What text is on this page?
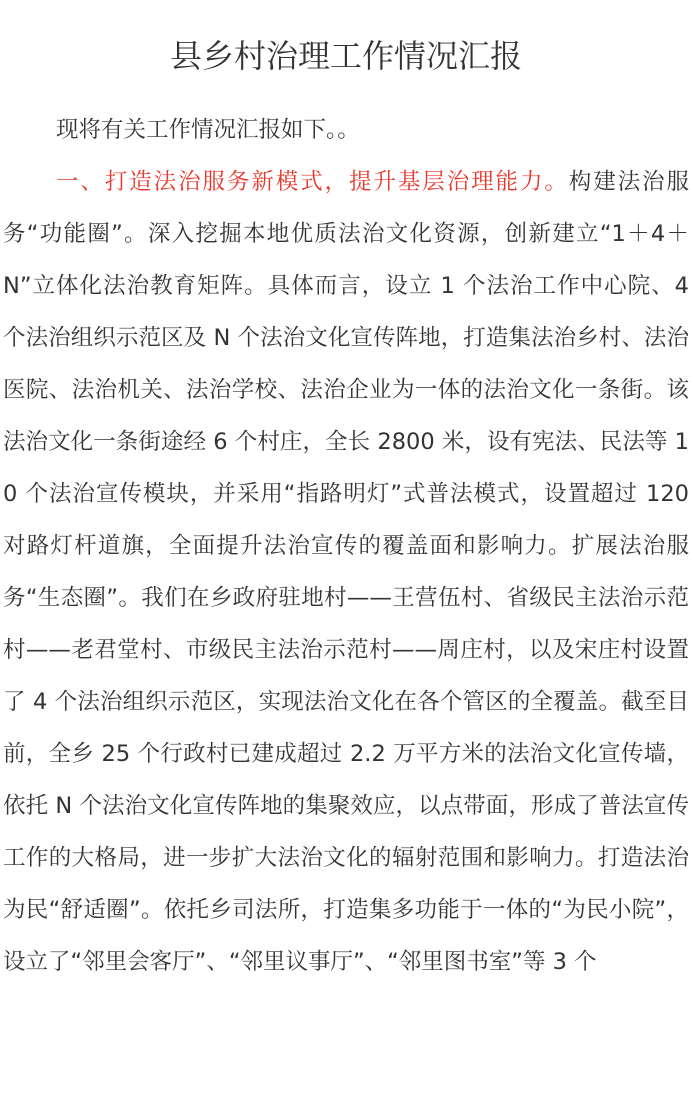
县乡村治理工作情况汇报

现将有关工作情况汇报如下。。

一、打造法治服务新模式，提升基层治理能力。构建法治服务“功能圈”。深入挖掘本地优质法治文化资源，创新建立“1＋4＋N”立体化法治教育矩阵。具体而言，设立 1 个法治工作中心院、4 个法治组织示范区及 N 个法治文化宣传阵地，打造集法治乡村、法治医院、法治机关、法治学校、法治企业为一体的法治文化一条街。该法治文化一条街途经 6 个村庄，全长 2800 米，设有宪法、民法等 10 个法治宣传模块，并采用“指路明灯”式普法模式，设置超过 120 对路灯杆道旗，全面提升法治宣传的覆盖面和影响力。扩展法治服务“生态圈”。我们在乡政府驻地村——王营伍村、省级民主法治示范村——老君堂村、市级民主法治示范村——周庄村，以及宋庄村设置了 4 个法治组织示范区，实现法治文化在各个管区的全覆盖。截至目前，全乡 25 个行政村已建成超过 2.2 万平方米的法治文化宣传墙，依托 N 个法治文化宣传阵地的集聚效应，以点带面，形成了普法宣传工作的大格局，进一步扩大法治文化的辐射范围和影响力。打造法治为民“舒适圈”。依托乡司法所，打造集多功能于一体的“为民小院”，设立了“邻里会客厅”、“邻里议事厅”、“邻里图书室”等 3 个
